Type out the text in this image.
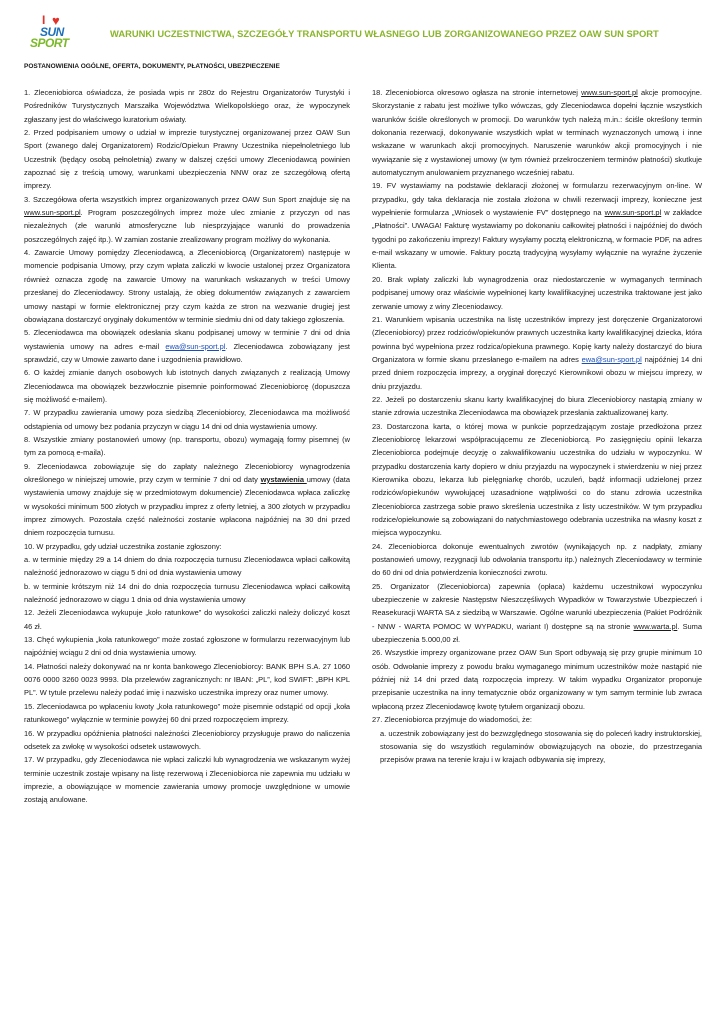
I ♥
SUN
SPORT
WARUNKI UCZESTNICTWA, SZCZEGÓŁY TRANSPORTU WŁASNEGO LUB ZORGANIZOWANEGO PRZEZ OAW SUN SPORT
POSTANOWIENIA OGÓLNE, OFERTA, DOKUMENTY, PŁATNOŚCI, UBEZPIECZENIE

1. Zleceniobiorca oświadcza, że posiada wpis nr 280z do Rejestru Organizatorów Turystyki i Pośredników Turystycznych Marszałka Województwa Wielkopolskiego oraz, że wypoczynek zgłaszany jest do właściwego kuratorium oświaty.

2. Przed podpisaniem umowy o udział w imprezie turystycznej organizowanej przez OAW Sun Sport (zwanego dalej Organizatorem) Rodzic/Opiekun Prawny Uczestnika niepełnoletniego lub Uczestnik (będący osobą pełnoletnią) zwany w dalszej części umowy Zleceniodawcą powinien zapoznać się z treścią umowy, warunkami ubezpieczenia NNW oraz ze szczegółową ofertą imprezy.

3. Szczegółowa oferta wszystkich imprez organizowanych przez OAW Sun Sport znajduje się na www.sun-sport.pl. Program poszczególnych imprez może ulec zmianie z przyczyn od nas niezależnych (złe warunki atmosferyczne lub niesprzyjające warunki do prowadzenia poszczególnych zajęć itp.). W zamian zostanie zrealizowany program możliwy do wykonania.

4. Zawarcie Umowy pomiędzy Zleceniodawcą, a Zleceniobiorcą (Organizatorem) następuje w momencie podpisania Umowy, przy czym wpłata zaliczki w kwocie ustalonej przez Organizatora również oznacza zgodę na zawarcie Umowy na warunkach wskazanych w treści Umowy przesłanej do Zleceniodawcy. Strony ustalają, że obieg dokumentów związanych z zawarciem umowy nastąpi w formie elektronicznej przy czym każda ze stron na wezwanie drugiej jest obowiązana dostarczyć oryginały dokumentów w terminie siedmiu dni od daty takiego zgłoszenia.

5. Zleceniodawca ma obowiązek odesłania skanu podpisanej umowy w terminie 7 dni od dnia wystawienia umowy na adres e-mail ewa@sun-sport.pl. Zleceniodawca zobowiązany jest sprawdzić, czy w Umowie zawarto dane i uzgodnienia prawidłowo.

6. O każdej zmianie danych osobowych lub istotnych danych związanych z realizacją Umowy Zleceniodawca ma obowiązek bezzwłocznie pisemnie poinformować Zleceniobiorcę (dopuszcza się możliwość e-mailem).

7. W przypadku zawierania umowy poza siedzibą Zleceniobiorcy, Zleceniodawca ma możliwość odstąpienia od umowy bez podania przyczyn w ciągu 14 dni od dnia wystawienia umowy.

8. Wszystkie zmiany postanowień umowy (np. transportu, obozu) wymagają formy pisemnej (w tym za pomocą e-maila).

9. Zleceniodawca zobowiązuje się do zapłaty należnego Zleceniobiorcy wynagrodzenia określonego w niniejszej umowie, przy czym w terminie 7 dni od daty wystawienia umowy (data wystawienia umowy znajduje się w przedmiotowym dokumencie) Zleceniodawca wpłaca zaliczkę w wysokości minimum 500 złotych w przypadku imprez z oferty letniej, a 300 złotych w przypadku imprez zimowych. Pozostała część należności zostanie wpłacona najpóźniej na 30 dni przed dniem rozpoczęcia turnusu.

10. W przypadku, gdy udział uczestnika zostanie zgłoszony:

a. w terminie między 29 a 14 dniem do dnia rozpoczęcia turnusu Zleceniodawca wpłaci całkowitą należność jednorazowo w ciągu 5 dni od dnia wystawienia umowy

b. w terminie krótszym niż 14 dni do dnia rozpoczęcia turnusu Zleceniodawca wpłaci całkowitą należność jednorazowo w ciągu 1 dnia od dnia wystawienia umowy

12. Jeżeli Zleceniodawca wykupuje „koło ratunkowe” do wysokości zaliczki należy doliczyć koszt 46 zł.

13. Chęć wykupienia „koła ratunkowego” może zostać zgłoszone w formularzu rezerwacyjnym lub najpóźniej wciągu 2 dni od dnia wystawienia umowy.

14. Płatności należy dokonywać na nr konta bankowego Zleceniobiorcy: BANK BPH S.A. 27 1060 0076 0000 3260 0023 9993. Dla przelewów zagranicznych: nr IBAN: „PL”, kod SWIFT: „BPH KPL PL”. W tytule przelewu należy podać imię i nazwisko uczestnika imprezy oraz numer umowy.

15. Zleceniodawca po wpłaceniu kwoty „koła ratunkowego” może pisemnie odstąpić od opcji „koła ratunkowego” wyłącznie w terminie powyżej 60 dni przed rozpoczęciem imprezy.

16. W przypadku opóźnienia płatności należności Zleceniobiorcy przysługuje prawo do naliczenia odsetek za zwłokę w wysokości odsetek ustawowych.

17. W przypadku, gdy Zleceniodawca nie wpłaci zaliczki lub wynagrodzenia we wskazanym wyżej terminie uczestnik zostaje wpisany na listę rezerwową i Zleceniobiorca nie zapewnia mu udziału w imprezie, a obowiązujące w momencie zawierania umowy promocje uwzględnione w umowie zostają anulowane.

18. Zleceniobiorca okresowo ogłasza na stronie internetowej www.sun-sport.pl akcje promocyjne. Skorzystanie z rabatu jest możliwe tylko wówczas, gdy Zleceniodawca dopełni łącznie wszystkich warunków ściśle określonych w promocji. Do warunków tych należą m.in.: ściśle określony termin dokonania rezerwacji, dokonywanie wszystkich wpłat w terminach wyznaczonych umową i inne wskazane w warunkach akcji promocyjnych. Naruszenie warunków akcji promocyjnych i nie wywiązanie się z wystawionej umowy (w tym również przekroczeniem terminów płatności) skutkuje automatycznym anulowaniem przyznanego wcześniej rabatu.

19. FV wystawiamy na podstawie deklaracji złożonej w formularzu rezerwacyjnym on-line. W przypadku, gdy taka deklaracja nie została złożona w chwili rezerwacji imprezy, konieczne jest wypełnienie formularza „Wniosek o wystawienie FV” dostępnego na www.sun-sport.pl w zakładce „Płatności”. UWAGA! Fakturę wystawiamy po dokonaniu całkowitej płatności i najpóźniej do dwóch tygodni po zakończeniu imprezy! Faktury wysyłamy pocztą elektroniczną, w formacie PDF, na adres e-mail wskazany w umowie. Faktury pocztą tradycyjną wysyłamy wyłącznie na wyraźne życzenie Klienta.

20. Brak wpłaty zaliczki lub wynagrodzenia oraz niedostarczenie w wymaganych terminach podpisanej umowy oraz właściwie wypełnionej karty kwalifikacyjnej uczestnika traktowane jest jako zerwanie umowy z winy Zleceniodawcy.

21. Warunkiem wpisania uczestnika na listę uczestników imprezy jest doręczenie Organizatorowi (Zleceniobiorcy) przez rodziców/opiekunów prawnych uczestnika karty kwalifikacyjnej dziecka, która powinna być wypełniona przez rodzica/opiekuna prawnego. Kopię karty należy dostarczyć do biura Organizatora w formie skanu przesłanego e-mailem na adres ewa@sun-sport.pl najpóźniej 14 dni przed dniem rozpoczęcia imprezy, a oryginał doręczyć Kierownikowi obozu w miejscu imprezy, w dniu przyjazdu.

22. Jeżeli po dostarczeniu skanu karty kwalifikacyjnej do biura Zleceniobiorcy nastąpią zmiany w stanie zdrowia uczestnika Zleceniodawca ma obowiązek przesłania zaktualizowanej karty.

23. Dostarczona karta, o której mowa w punkcie poprzedzającym zostaje przedłożona przez Zleceniobiorcę lekarzowi współpracującemu ze Zleceniobiorcą. Po zasięgnięciu opinii lekarza Zleceniobiorca podejmuje decyzję o zakwalifikowaniu uczestnika do udziału w wypoczynku. W przypadku dostarczenia karty dopiero w dniu przyjazdu na wypoczynek i stwierdzeniu w niej przez Kierownika obozu, lekarza lub pielęgniarkę chorób, uczuleń, bądź informacji udzielonej przez rodziców/opiekunów wywołującej uzasadnione wątpliwości co do stanu zdrowia uczestnika Zleceniobiorca zastrzega sobie prawo skreślenia uczestnika z listy uczestników. W tym przypadku rodzice/opiekunowie są zobowiązani do natychmiastowego odebrania uczestnika na własny koszt z miejsca wypoczynku.

24. Zleceniobiorca dokonuje ewentualnych zwrotów (wynikających np. z nadpłaty, zmiany postanowień umowy, rezygnacji lub odwołania transportu itp.) należnych Zleceniodawcy w terminie do 60 dni od dnia potwierdzenia konieczności zwrotu.

25. Organizator (Zleceniobiorca) zapewnia (opłaca) każdemu uczestnikowi wypoczynku ubezpieczenie w zakresie Następstw Nieszczęśliwych Wypadków w Towarzystwie Ubezpieczeń i Reasekuracji WARTA SA z siedzibą w Warszawie. Ogólne warunki ubezpieczenia (Pakiet Podróżnik - NNW - WARTA POMOC W WYPADKU, wariant I) dostępne są na stronie www.warta.pl. Suma ubezpieczenia 5.000,00 zł.

26. Wszystkie imprezy organizowane przez OAW Sun Sport odbywają się przy grupie minimum 10 osób. Odwołanie imprezy z powodu braku wymaganego minimum uczestników może nastąpić nie później niż 14 dni przed datą rozpoczęcia imprezy. W takim wypadku Organizator proponuje przepisanie uczestnika na inny tematycznie obóz organizowany w tym samym terminie lub zwraca wpłaconą przez Zleceniodawcę kwotę tytułem organizacji obozu.

27. Zleceniobiorca przyjmuje do wiadomości, że:

a. uczestnik zobowiązany jest do bezwzględnego stosowania się do poleceń kadry instruktorskiej, stosowania się do wszystkich regulaminów obowiązujących na obozie, do przestrzegania przepisów prawa na terenie kraju i w krajach odbywania się imprezy,
